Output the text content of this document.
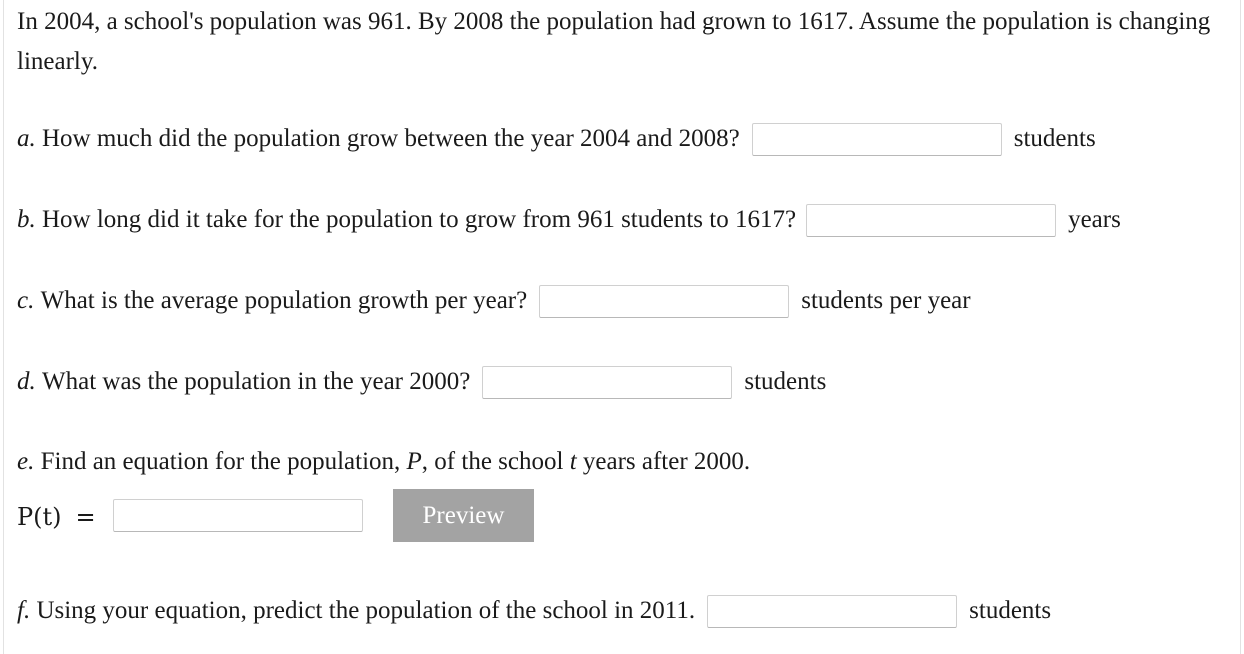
In 2004, a school's population was 961. By 2008 the population had grown to 1617. Assume the population is changing linearly.
a.
How much did the population grow between the year 2004 and 2008?	students
b.
How long did it take for the population to grow from 961 students to 1617?	years
c.
What is the average population growth per year?	students per year
d.
What was the population in the year 2000?	students
e.
Find an equation for the population,
P , of the school
t
years after 2000.
P(t) =	Preview
f.
Using your equation, predict the population of the school in 2011.	students
